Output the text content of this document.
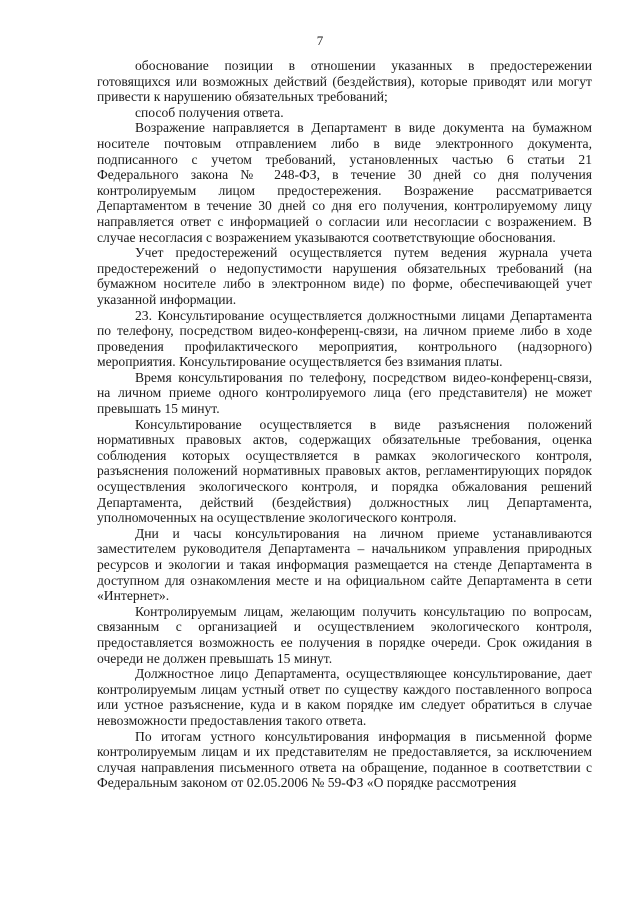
7

обоснование позиции в отношении указанных в предостережении готовящихся или возможных действий (бездействия), которые приводят или могут привести к нарушению обязательных требований;

способ получения ответа.

Возражение направляется в Департамент в виде документа на бумажном носителе почтовым отправлением либо в виде электронного документа, подписанного с учетом требований, установленных частью 6 статьи 21 Федерального закона № 248-ФЗ, в течение 30 дней со дня получения контролируемым лицом предостережения. Возражение рассматривается Департаментом в течение 30 дней со дня его получения, контролируемому лицу направляется ответ с информацией о согласии или несогласии с возражением. В случае несогласия с возражением указываются соответствующие обоснования.

Учет предостережений осуществляется путем ведения журнала учета предостережений о недопустимости нарушения обязательных требований (на бумажном носителе либо в электронном виде) по форме, обеспечивающей учет указанной информации.

23. Консультирование осуществляется должностными лицами Департамента по телефону, посредством видео-конференц-связи, на личном приеме либо в ходе проведения профилактического мероприятия, контрольного (надзорного) мероприятия. Консультирование осуществляется без взимания платы.

Время консультирования по телефону, посредством видео-конференц-связи, на личном приеме одного контролируемого лица (его представителя) не может превышать 15 минут.

Консультирование осуществляется в виде разъяснения положений нормативных правовых актов, содержащих обязательные требования, оценка соблюдения которых осуществляется в рамках экологического контроля, разъяснения положений нормативных правовых актов, регламентирующих порядок осуществления экологического контроля, и порядка обжалования решений Департамента, действий (бездействия) должностных лиц Департамента, уполномоченных на осуществление экологического контроля.

Дни и часы консультирования на личном приеме устанавливаются заместителем руководителя Департамента – начальником управления природных ресурсов и экологии и такая информация размещается на стенде Департамента в доступном для ознакомления месте и на официальном сайте Департамента в сети «Интернет».

Контролируемым лицам, желающим получить консультацию по вопросам, связанным с организацией и осуществлением экологического контроля, предоставляется возможность ее получения в порядке очереди. Срок ожидания в очереди не должен превышать 15 минут.

Должностное лицо Департамента, осуществляющее консультирование, дает контролируемым лицам устный ответ по существу каждого поставленного вопроса или устное разъяснение, куда и в каком порядке им следует обратиться в случае невозможности предоставления такого ответа.

По итогам устного консультирования информация в письменной форме контролируемым лицам и их представителям не предоставляется, за исключением случая направления письменного ответа на обращение, поданное в соответствии с Федеральным законом от 02.05.2006 № 59-ФЗ «О порядке рассмотрения
